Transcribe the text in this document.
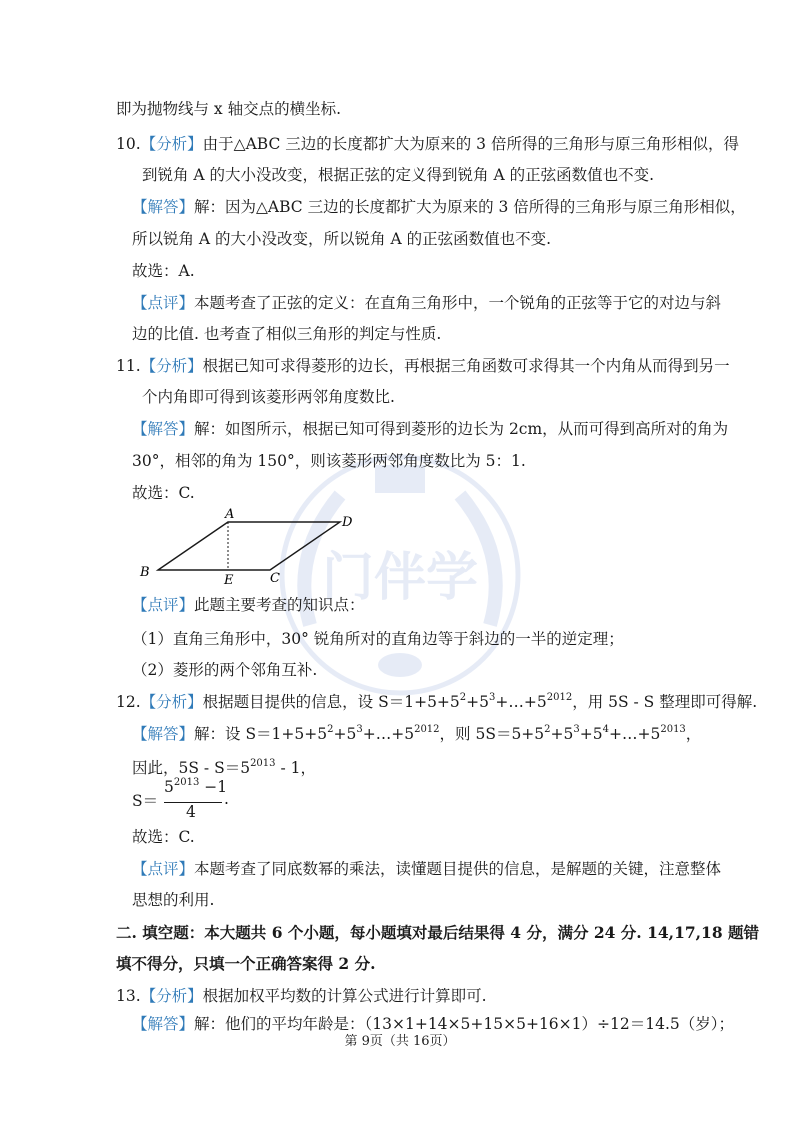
门伴学
即为抛物线与 x 轴交点的横坐标.
10.【分析】由于△ABC 三边的长度都扩大为原来的 3 倍所得的三角形与原三角形相似，得
到锐角 A 的大小没改变，根据正弦的定义得到锐角 A 的正弦函数值也不变.
【解答】解：因为△ABC 三边的长度都扩大为原来的 3 倍所得的三角形与原三角形相似，
所以锐角 A 的大小没改变，所以锐角 A 的正弦函数值也不变.
故选：A.
【点评】本题考查了正弦的定义：在直角三角形中，一个锐角的正弦等于它的对边与斜
边的比值. 也考查了相似三角形的判定与性质.
11.【分析】根据已知可求得菱形的边长，再根据三角函数可求得其一个内角从而得到另一
个内角即可得到该菱形两邻角度数比.
【解答】解：如图所示，根据已知可得到菱形的边长为 2cm，从而可得到高所对的角为
30°，相邻的角为 150°，则该菱形两邻角度数比为 5：1.
故选：C.
A
D
B
E	C
【点评】此题主要考查的知识点：
（1）直角三角形中，30° 锐角所对的直角边等于斜边的一半的逆定理；
（2）菱形的两个邻角互补.
12.【分析】根据题目提供的信息，设 $S=1+5+5^2+5^3+\dots+5^{2012}$，用 5S - S 整理即可得解.
【解答】解：设 $S=1+5+5^2+5^3+\dots+5^{2012}$，则 $5S=5+5^2+5^3+5^4+\dots+5^{2013}$，
因此，$5S - S=5^{2013} - 1$，
S＝
$5^{2013} -1$
4
.
故选：C.
【点评】本题考查了同底数幂的乘法，读懂题目提供的信息，是解题的关键，注意整体
思想的利用.
二. 填空题：本大题共 6 个小题，每小题填对最后结果得 4 分，满分 24 分. 14,17,18 题错
填不得分，只填一个正确答案得 2 分.
13.【分析】根据加权平均数的计算公式进行计算即可.
【解答】解：他们的平均年龄是：（13×1+14×5+15×5+16×1）÷12＝14.5（岁）；
第 9页（共 16页）
